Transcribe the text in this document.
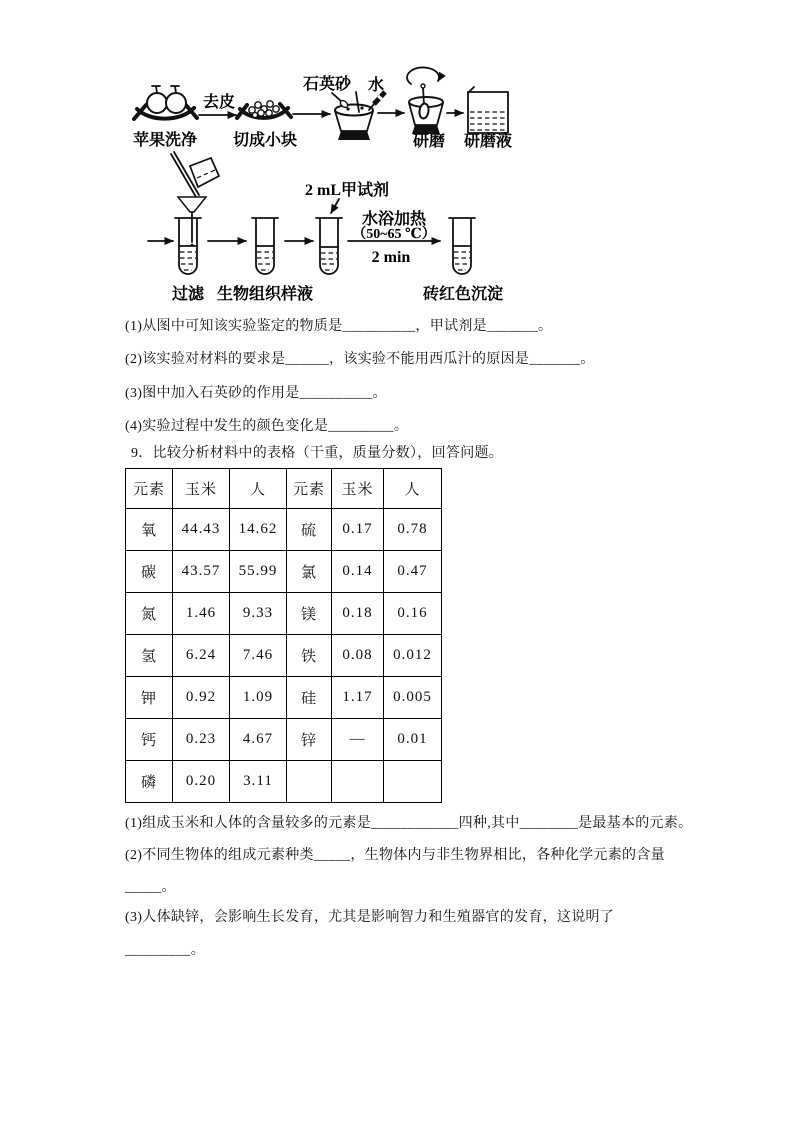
苹果洗净
去皮
切成小块
石英砂 水
研磨 研磨液
过滤 生物组织样液
2 mL甲试剂
水浴加热
（50~65 ℃）
2 min
砖红色沉淀
(1)从图中可知该实验鉴定的物质是__________，甲试剂是_______。
(2)该实验对材料的要求是______，该实验不能用西瓜汁的原因是_______。
(3)图中加入石英砂的作用是__________。
(4)实验过程中发生的颜色变化是_________。
9．比较分析材料中的表格（干重，质量分数），回答问题。
元素	玉米	人	元素	玉米	人
氧	44.43	14.62	硫	0.17	0.78
碳	43.57	55.99	氯	0.14	0.47
氮	1.46	9.33	镁	0.18	0.16
氢	6.24	7.46	铁	0.08	0.012
钾	0.92	1.09	硅	1.17	0.005
钙	0.23	4.67	锌	—	0.01
磷	0.20	3.11			
(1)组成玉米和人体的含量较多的元素是____________四种,其中________是最基本的元素。
(2)不同生物体的组成元素种类_____，生物体内与非生物界相比，各种化学元素的含量
_____。
(3)人体缺锌，会影响生长发育，尤其是影响智力和生殖器官的发育，这说明了
_________。
